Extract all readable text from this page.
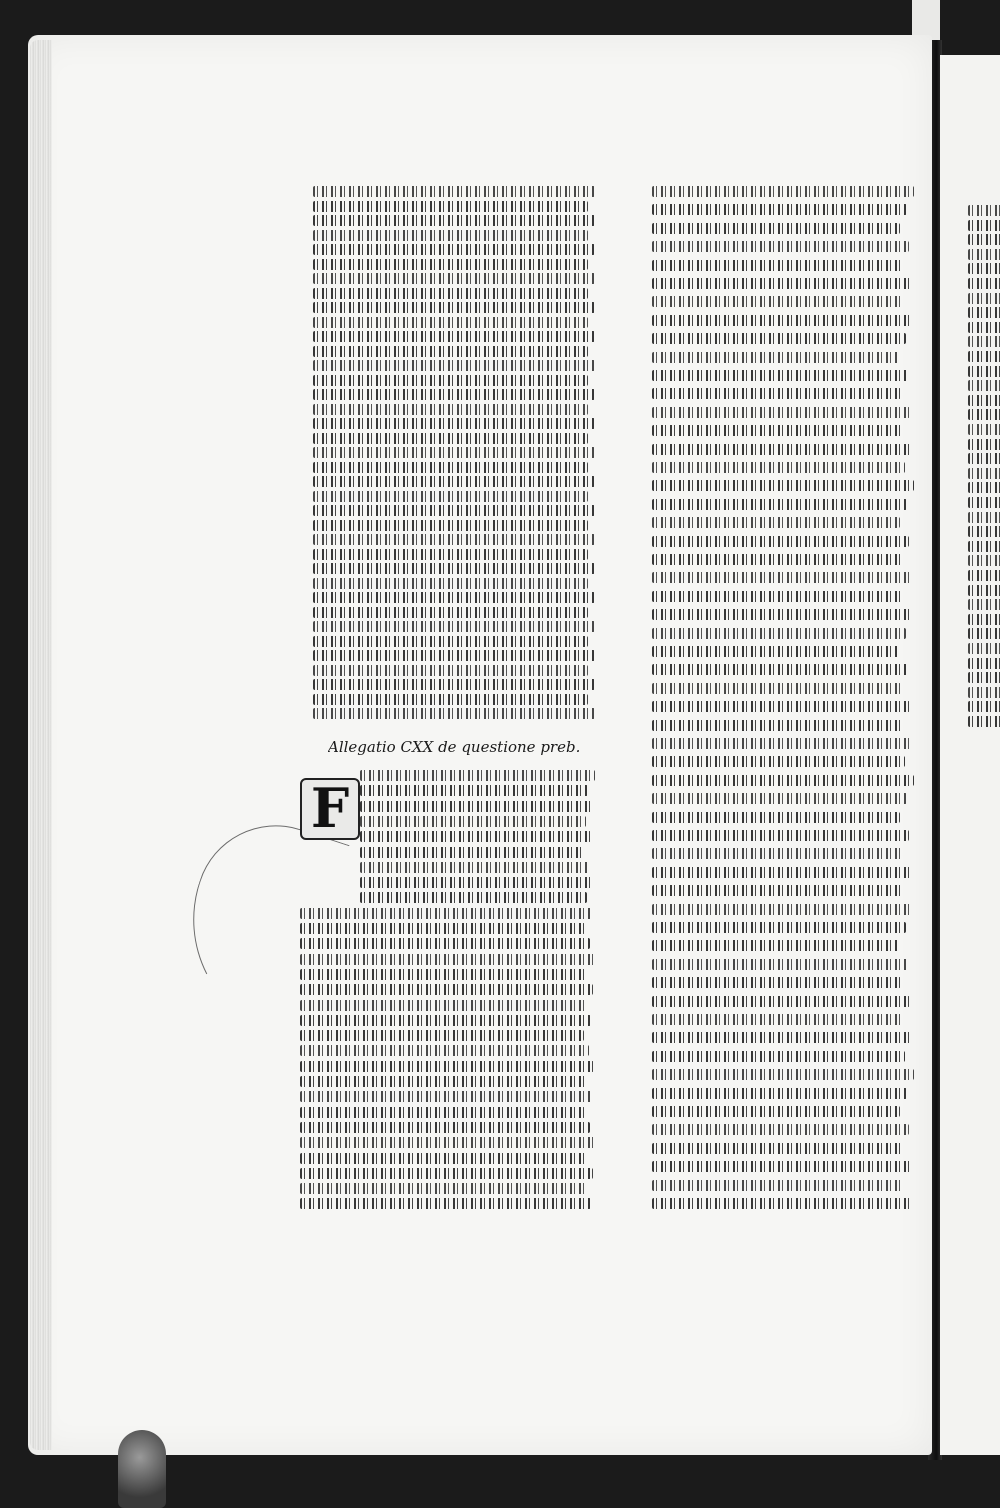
Allegatio CXX de questione preb.
F
